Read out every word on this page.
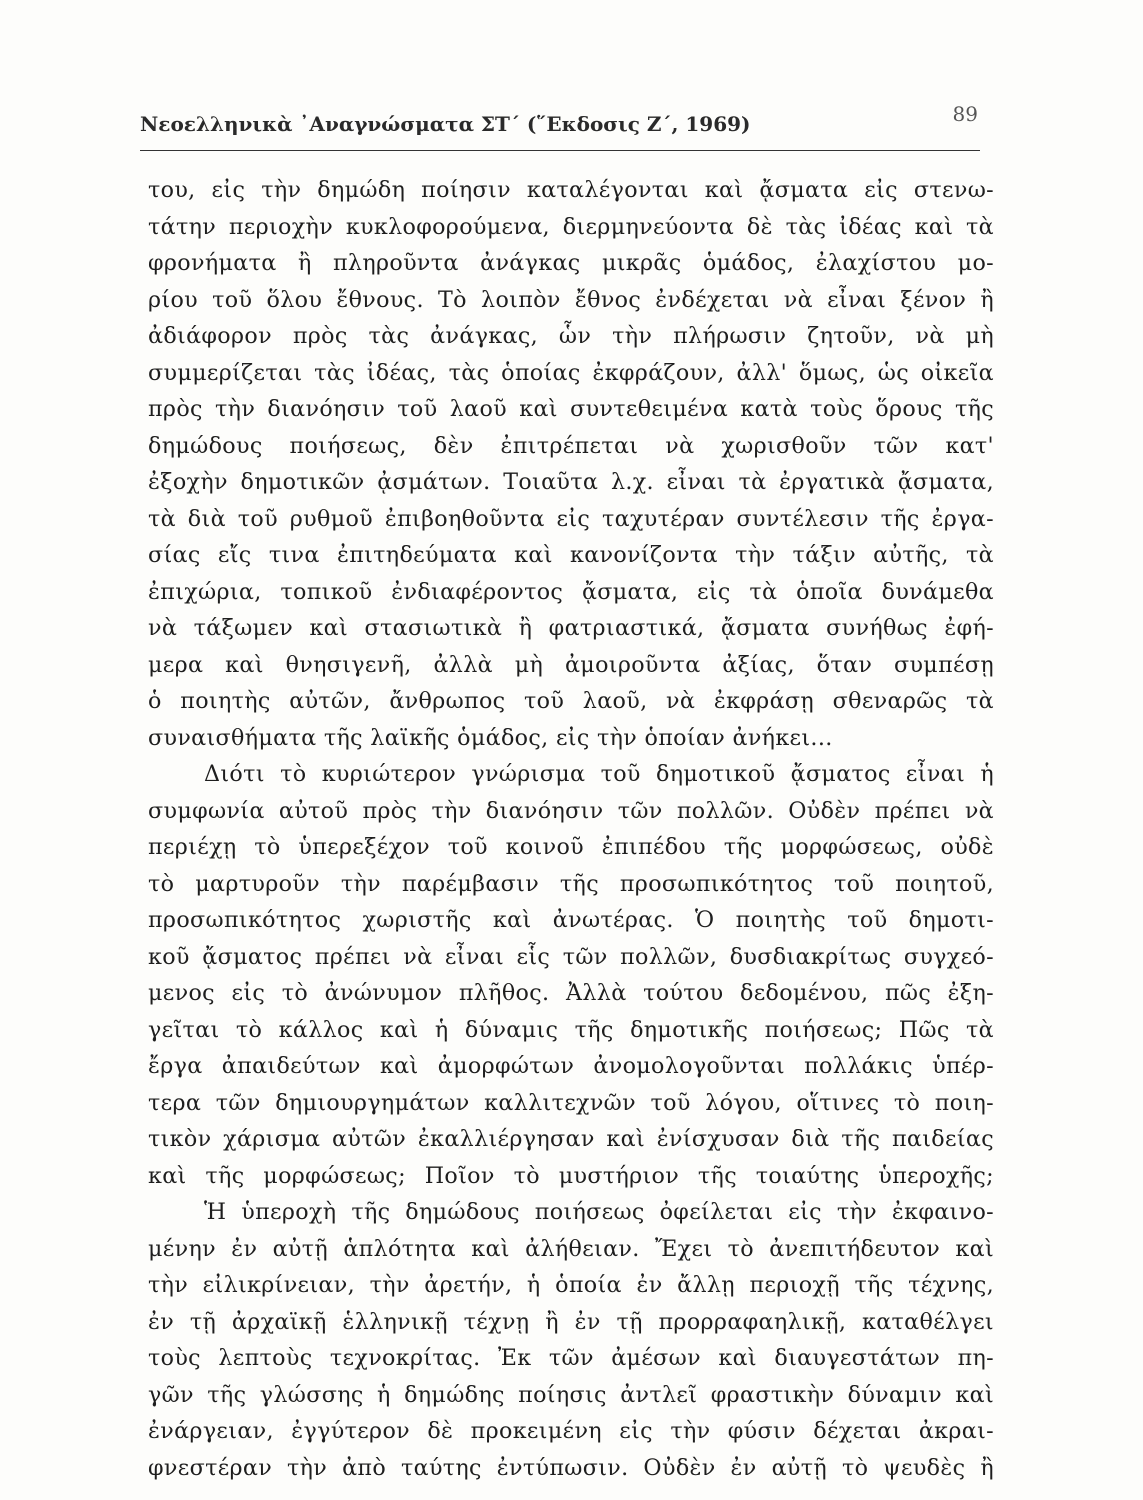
Νεοελληνικὰ ᾿Αναγνώσματα ΣΤ΄ (῞Εκδοσις Ζ΄, 1969)	89
του, εἰς τὴν δημώδη ποίησιν καταλέγονται καὶ ᾄσματα εἰς στενω-
τάτην περιοχὴν κυκλοφορούμενα, διερμηνεύοντα δὲ τὰς ἰδέας καὶ τὰ
φρονήματα ἢ πληροῦντα ἀνάγκας μικρᾶς ὁμάδος, ἐλαχίστου μο-
ρίου τοῦ ὅλου ἔθνους. Τὸ λοιπὸν ἔθνος ἐνδέχεται νὰ εἶναι ξένον ἢ
ἀδιάφορον πρὸς τὰς ἀνάγκας, ὧν τὴν πλήρωσιν ζητοῦν, νὰ μὴ
συμμερίζεται τὰς ἰδέας, τὰς ὁποίας ἐκφράζουν, ἀλλ' ὅμως, ὡς οἰκεῖα
πρὸς τὴν διανόησιν τοῦ λαοῦ καὶ συντεθειμένα κατὰ τοὺς ὅρους τῆς
δημώδους ποιήσεως, δὲν ἐπιτρέπεται νὰ χωρισθοῦν τῶν κατ'
ἐξοχὴν δημοτικῶν ᾀσμάτων. Τοιαῦτα λ.χ. εἶναι τὰ ἐργατικὰ ᾄσματα,
τὰ διὰ τοῦ ρυθμοῦ ἐπιβοηθοῦντα εἰς ταχυτέραν συντέλεσιν τῆς ἐργα-
σίας εἴς τινα ἐπιτηδεύματα καὶ κανονίζοντα τὴν τάξιν αὐτῆς, τὰ
ἐπιχώρια, τοπικοῦ ἐνδιαφέροντος ᾄσματα, εἰς τὰ ὁποῖα δυνάμεθα
νὰ τάξωμεν καὶ στασιωτικὰ ἢ φατριαστικά, ᾄσματα συνήθως ἐφή-
μερα καὶ θνησιγενῆ, ἀλλὰ μὴ ἀμοιροῦντα ἀξίας, ὅταν συμπέσῃ
ὁ ποιητὴς αὐτῶν, ἄνθρωπος τοῦ λαοῦ, νὰ ἐκφράσῃ σθεναρῶς τὰ
συναισθήματα τῆς λαϊκῆς ὁμάδος, εἰς τὴν ὁποίαν ἀνήκει...
Διότι τὸ κυριώτερον γνώρισμα τοῦ δημοτικοῦ ᾄσματος εἶναι ἡ
συμφωνία αὐτοῦ πρὸς τὴν διανόησιν τῶν πολλῶν. Οὐδὲν πρέπει νὰ
περιέχῃ τὸ ὑπερεξέχον τοῦ κοινοῦ ἐπιπέδου τῆς μορφώσεως, οὐδὲ
τὸ μαρτυροῦν τὴν παρέμβασιν τῆς προσωπικότητος τοῦ ποιητοῦ,
προσωπικότητος χωριστῆς καὶ ἀνωτέρας. Ὁ ποιητὴς τοῦ δημοτι-
κοῦ ᾄσματος πρέπει νὰ εἶναι εἷς τῶν πολλῶν, δυσδιακρίτως συγχεό-
μενος εἰς τὸ ἀνώνυμον πλῆθος. Ἀλλὰ τούτου δεδομένου, πῶς ἐξη-
γεῖται τὸ κάλλος καὶ ἡ δύναμις τῆς δημοτικῆς ποιήσεως; Πῶς τὰ
ἔργα ἀπαιδεύτων καὶ ἀμορφώτων ἀνομολογοῦνται πολλάκις ὑπέρ-
τερα τῶν δημιουργημάτων καλλιτεχνῶν τοῦ λόγου, οἵτινες τὸ ποιη-
τικὸν χάρισμα αὐτῶν ἐκαλλιέργησαν καὶ ἐνίσχυσαν διὰ τῆς παιδείας
καὶ τῆς μορφώσεως; Ποῖον τὸ μυστήριον τῆς τοιαύτης ὑπεροχῆς;
Ἡ ὑπεροχὴ τῆς δημώδους ποιήσεως ὀφείλεται εἰς τὴν ἐκφαινο-
μένην ἐν αὐτῇ ἁπλότητα καὶ ἀλήθειαν. Ἔχει τὸ ἀνεπιτήδευτον καὶ
τὴν εἰλικρίνειαν, τὴν ἀρετήν, ἡ ὁποία ἐν ἄλλῃ περιοχῇ τῆς τέχνης,
ἐν τῇ ἀρχαϊκῇ ἑλληνικῇ τέχνῃ ἢ ἐν τῇ προρραφαηλικῇ, καταθέλγει
τοὺς λεπτοὺς τεχνοκρίτας. Ἐκ τῶν ἀμέσων καὶ διαυγεστάτων πη-
γῶν τῆς γλώσσης ἡ δημώδης ποίησις ἀντλεῖ φραστικὴν δύναμιν καὶ
ἐνάργειαν, ἐγγύτερον δὲ προκειμένη εἰς τὴν φύσιν δέχεται ἀκραι-
φνεστέραν τὴν ἀπὸ ταύτης ἐντύπωσιν. Οὐδὲν ἐν αὐτῇ τὸ ψευδὲς ἢ
